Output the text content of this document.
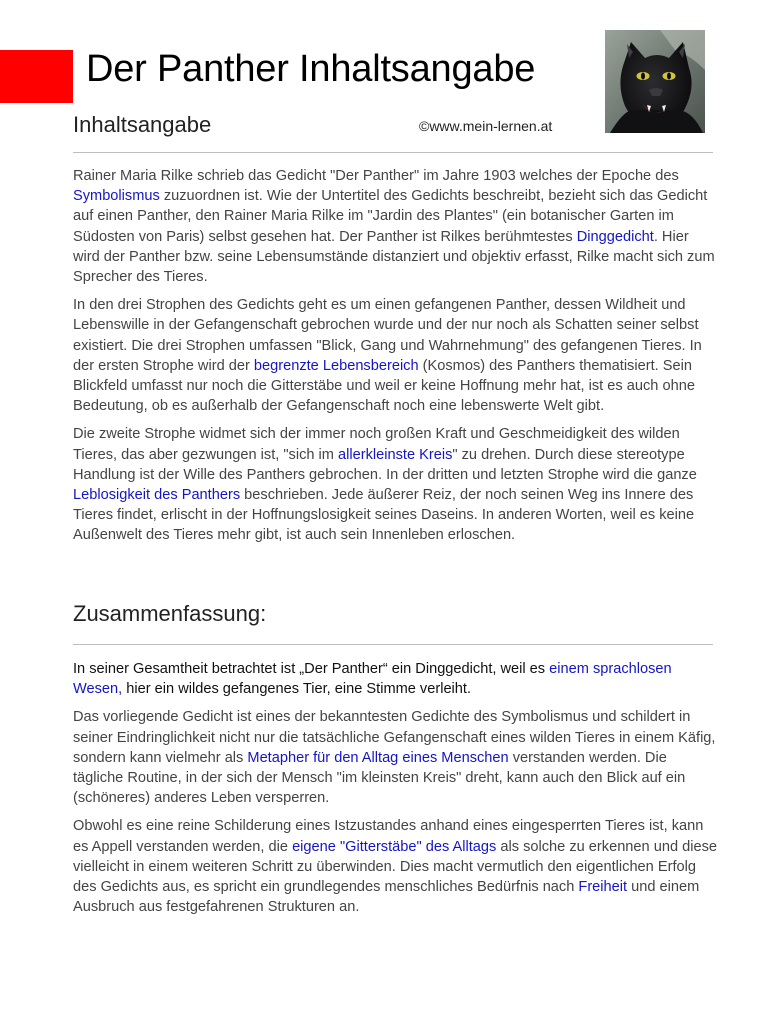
Der Panther Inhaltsangabe
Inhaltsangabe	©www.mein-lernen.at

Rainer Maria Rilke schrieb das Gedicht "Der Panther" im Jahre 1903 welches der Epoche des Symbolismus zuzuordnen ist. Wie der Untertitel des Gedichts beschreibt, bezieht sich das Gedicht auf einen Panther, den Rainer Maria Rilke im "Jardin des Plantes" (ein botanischer Garten im Südosten von Paris) selbst gesehen hat. Der Panther ist Rilkes berühmtestes Dinggedicht. Hier wird der Panther bzw. seine Lebensumstände distanziert und objektiv erfasst, Rilke macht sich zum Sprecher des Tieres.

In den drei Strophen des Gedichts geht es um einen gefangenen Panther, dessen Wildheit und Lebenswille in der Gefangenschaft gebrochen wurde und der nur noch als Schatten seiner selbst existiert. Die drei Strophen umfassen "Blick, Gang und Wahrnehmung" des gefangenen Tieres. In der ersten Strophe wird der begrenzte Lebensbereich (Kosmos) des Panthers thematisiert. Sein Blickfeld umfasst nur noch die Gitterstäbe und weil er keine Hoffnung mehr hat, ist es auch ohne Bedeutung, ob es außerhalb der Gefangenschaft noch eine lebenswerte Welt gibt.

Die zweite Strophe widmet sich der immer noch großen Kraft und Geschmeidigkeit des wilden Tieres, das aber gezwungen ist, "sich im allerkleinste Kreis" zu drehen. Durch diese stereotype Handlung ist der Wille des Panthers gebrochen. In der dritten und letzten Strophe wird die ganze Leblosigkeit des Panthers beschrieben. Jede äußerer Reiz, der noch seinen Weg ins Innere des Tieres findet, erlischt in der Hoffnungslosigkeit seines Daseins. In anderen Worten, weil es keine Außenwelt des Tieres mehr gibt, ist auch sein Innenleben erloschen.

Zusammenfassung:

In seiner Gesamtheit betrachtet ist „Der Panther“ ein Dinggedicht, weil es einem sprachlosen Wesen, hier ein wildes gefangenes Tier, eine Stimme verleiht.

Das vorliegende Gedicht ist eines der bekanntesten Gedichte des Symbolismus und schildert in seiner Eindringlichkeit nicht nur die tatsächliche Gefangenschaft eines wilden Tieres in einem Käfig, sondern kann vielmehr als Metapher für den Alltag eines Menschen verstanden werden. Die tägliche Routine, in der sich der Mensch "im kleinsten Kreis" dreht, kann auch den Blick auf ein (schöneres) anderes Leben versperren.

Obwohl es eine reine Schilderung eines Istzustandes anhand eines eingesperrten Tieres ist, kann es Appell verstanden werden, die eigene "Gitterstäbe" des Alltags als solche zu erkennen und diese vielleicht in einem weiteren Schritt zu überwinden. Dies macht vermutlich den eigentlichen Erfolg des Gedichts aus, es spricht ein grundlegendes menschliches Bedürfnis nach Freiheit und einem Ausbruch aus festgefahrenen Strukturen an.
